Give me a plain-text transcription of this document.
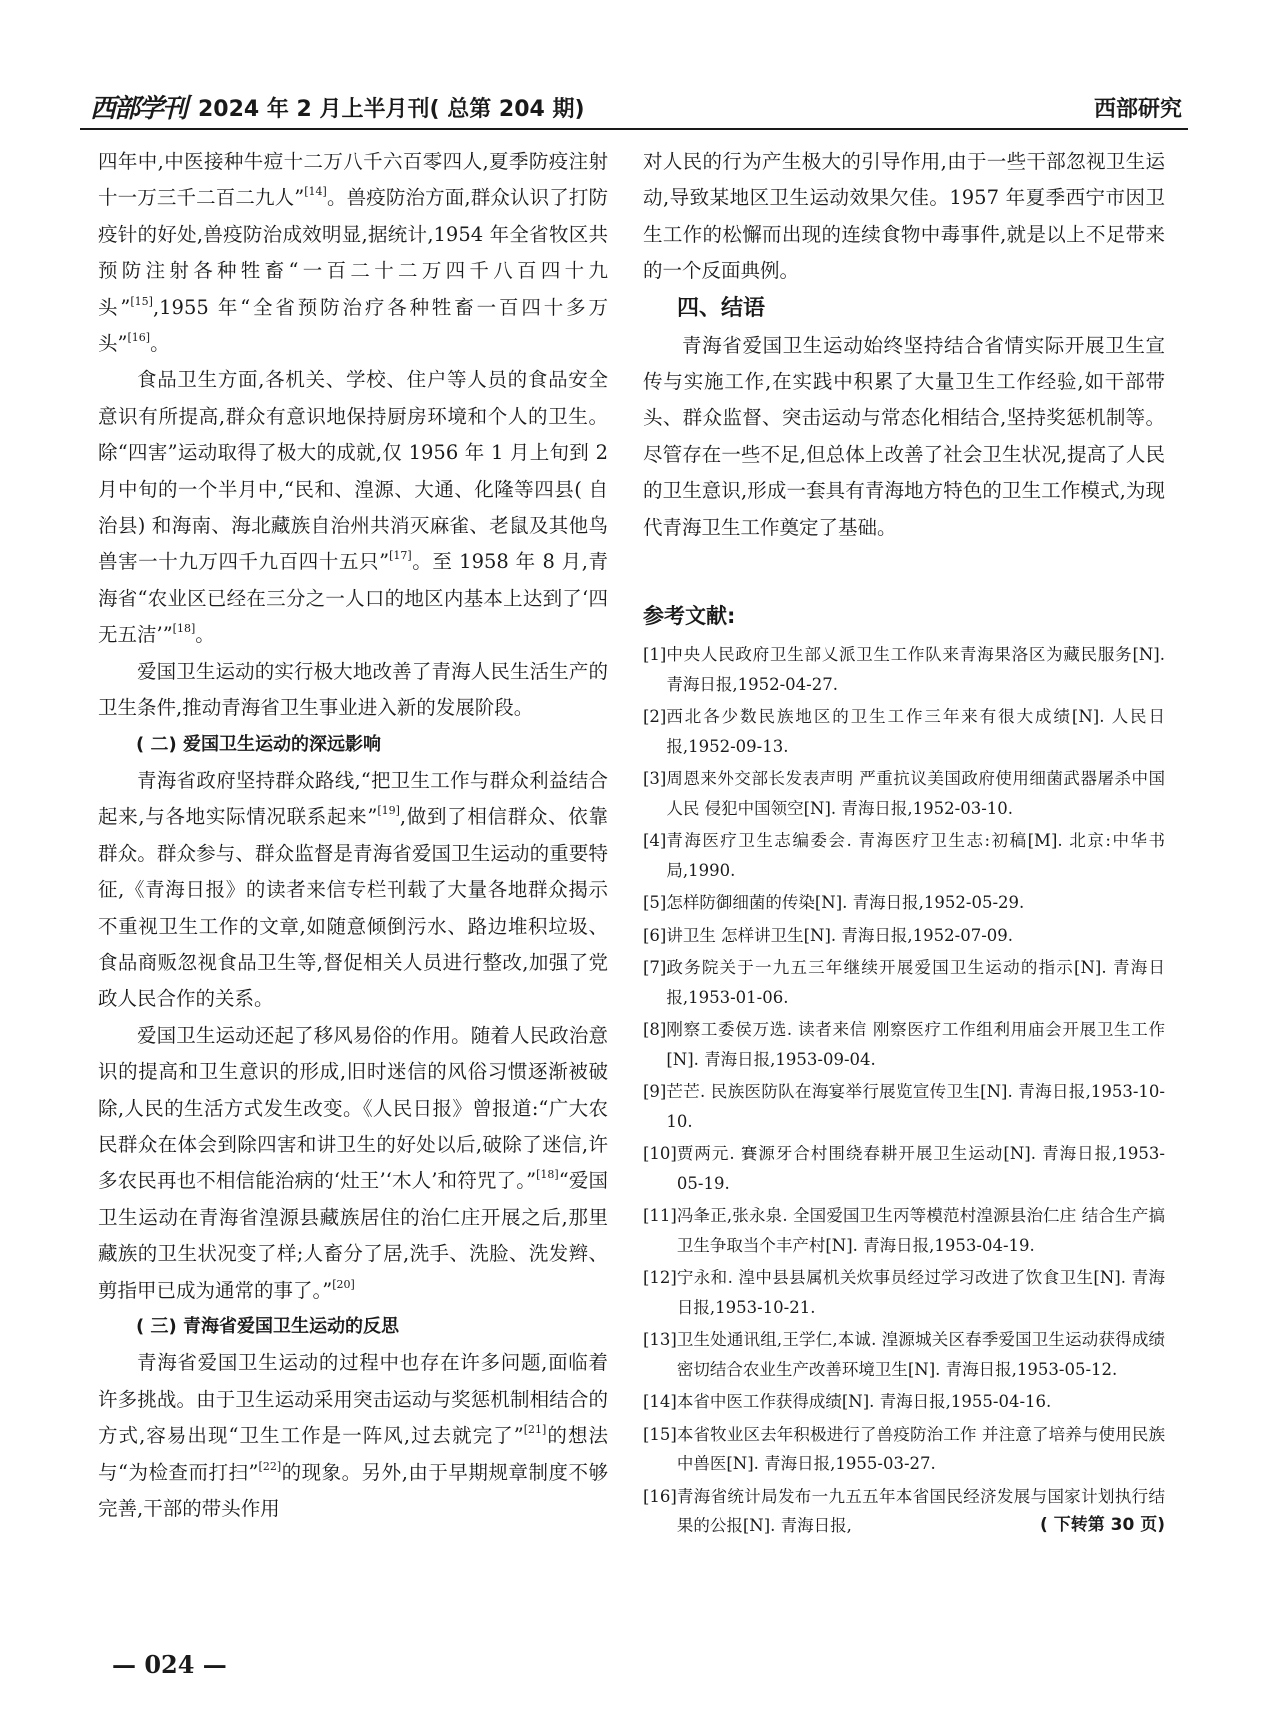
西部学刊 2024 年 2 月上半月刊( 总第 204 期)	西部研究

四年中,中医接种牛痘十二万八千六百零四人,夏季防疫注射十一万三千二百二九人”[14]。兽疫防治方面,群众认识了打防疫针的好处,兽疫防治成效明显,据统计,1954 年全省牧区共预防注射各种牲畜“一百二十二万四千八百四十九头”[15],1955 年“全省预防治疗各种牲畜一百四十多万头”[16]。

食品卫生方面,各机关、学校、住户等人员的食品安全意识有所提高,群众有意识地保持厨房环境和个人的卫生。除“四害”运动取得了极大的成就,仅 1956 年 1 月上旬到 2 月中旬的一个半月中,“民和、湟源、大通、化隆等四县( 自治县) 和海南、海北藏族自治州共消灭麻雀、老鼠及其他鸟兽害一十九万四千九百四十五只”[17]。至 1958 年 8 月,青海省“农业区已经在三分之一人口的地区内基本上达到了‘四无五洁’”[18]。

爱国卫生运动的实行极大地改善了青海人民生活生产的卫生条件,推动青海省卫生事业进入新的发展阶段。

( 二) 爱国卫生运动的深远影响

青海省政府坚持群众路线,“把卫生工作与群众利益结合起来,与各地实际情况联系起来”[19],做到了相信群众、依靠群众。群众参与、群众监督是青海省爱国卫生运动的重要特征,《青海日报》的读者来信专栏刊载了大量各地群众揭示不重视卫生工作的文章,如随意倾倒污水、路边堆积垃圾、食品商贩忽视食品卫生等,督促相关人员进行整改,加强了党政人民合作的关系。

爱国卫生运动还起了移风易俗的作用。随着人民政治意识的提高和卫生意识的形成,旧时迷信的风俗习惯逐渐被破除,人民的生活方式发生改变。《人民日报》曾报道:“广大农民群众在体会到除四害和讲卫生的好处以后,破除了迷信,许多农民再也不相信能治病的‘灶王’‘木人’和符咒了。”[18]“爱国卫生运动在青海省湟源县藏族居住的治仁庄开展之后,那里藏族的卫生状况变了样;人畜分了居,洗手、洗脸、洗发辫、剪指甲已成为通常的事了。”[20]

( 三) 青海省爱国卫生运动的反思

青海省爱国卫生运动的过程中也存在许多问题,面临着许多挑战。由于卫生运动采用突击运动与奖惩机制相结合的方式,容易出现“卫生工作是一阵风,过去就完了”[21]的想法与“为检查而打扫”[22]的现象。另外,由于早期规章制度不够完善,干部的带头作用

对人民的行为产生极大的引导作用,由于一些干部忽视卫生运动,导致某地区卫生运动效果欠佳。1957 年夏季西宁市因卫生工作的松懈而出现的连续食物中毒事件,就是以上不足带来的一个反面典例。

四、结语

青海省爱国卫生运动始终坚持结合省情实际开展卫生宣传与实施工作,在实践中积累了大量卫生工作经验,如干部带头、群众监督、突击运动与常态化相结合,坚持奖惩机制等。尽管存在一些不足,但总体上改善了社会卫生状况,提高了人民的卫生意识,形成一套具有青海地方特色的卫生工作模式,为现代青海卫生工作奠定了基础。

参考文献:
[1] 中央人民政府卫生部乂派卫生工作队来青海果洛区为藏民服务[N]. 青海日报,1952-04-27.
[2] 西北各少数民族地区的卫生工作三年来有很大成绩[N]. 人民日报,1952-09-13.
[3] 周恩来外交部长发表声明 严重抗议美国政府使用细菌武器屠杀中国人民 侵犯中国领空[N]. 青海日报,1952-03-10.
[4] 青海医疗卫生志编委会. 青海医疗卫生志:初稿[M]. 北京:中华书局,1990.
[5] 怎样防御细菌的传染[N]. 青海日报,1952-05-29.
[6] 讲卫生 怎样讲卫生[N]. 青海日报,1952-07-09.
[7] 政务院关于一九五三年继续开展爱国卫生运动的指示[N]. 青海日报,1953-01-06.
[8] 刚察工委侯万选. 读者来信 刚察医疗工作组利用庙会开展卫生工作[N]. 青海日报,1953-09-04.
[9] 芒芒. 民族医防队在海宴举行展览宣传卫生[N]. 青海日报,1953-10-10.
[10] 贾两元. 賽源牙合村围绕春耕开展卫生运动[N]. 青海日报,1953-05-19.
[11] 冯夆正,张永泉. 全国爱国卫生丙等模范村湟源县治仁庄 结合生产搞卫生争取当个丰产村[N]. 青海日报,1953-04-19.
[12] 宁永和. 湟中县县属机关炊事员经过学习改进了饮食卫生[N]. 青海日报,1953-10-21.
[13] 卫生处通讯组,王学仁,本诚. 湟源城关区春季爱国卫生运动获得成绩 密切结合农业生产改善环境卫生[N]. 青海日报,1953-05-12.
[14] 本省中医工作获得成绩[N]. 青海日报,1955-04-16.
[15] 本省牧业区去年积极进行了兽疫防治工作 并注意了培养与使用民族中兽医[N]. 青海日报,1955-03-27.
[16] 青海省统计局发布一九五五年本省国民经济发展与国家计划执行结果的公报[N]. 青海日报,	( 下转第 30 页)
— 024 —
